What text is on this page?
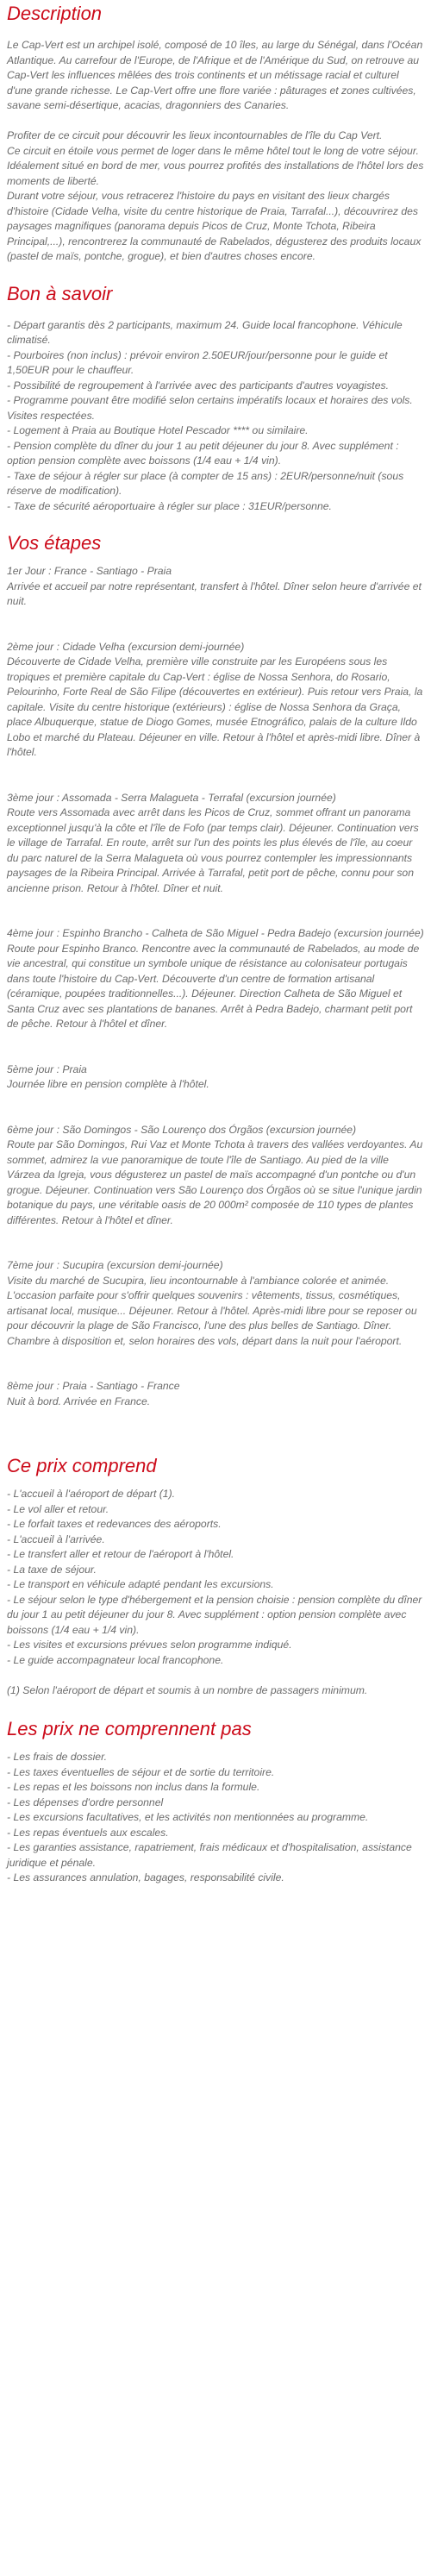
Description

Le Cap-Vert est un archipel isolé, composé de 10 îles, au large du Sénégal, dans l'Océan Atlantique. Au carrefour de l'Europe, de l'Afrique et de l'Amérique du Sud, on retrouve au Cap-Vert les influences mêlées des trois continents et un métissage racial et culturel d'une grande richesse. Le Cap-Vert offre une flore variée : pâturages et zones cultivées, savane semi-désertique, acacias, dragonniers des Canaries.

Profiter de ce circuit pour découvrir les lieux incontournables de l'île du Cap Vert.

Ce circuit en étoile vous permet de loger dans le même hôtel tout le long de votre séjour. Idéalement situé en bord de mer, vous pourrez profités des installations de l'hôtel lors des moments de liberté.

Durant votre séjour, vous retracerez l'histoire du pays en visitant des lieux chargés d'histoire (Cidade Velha, visite du centre historique de Praia, Tarrafal...), découvrirez des paysages magnifiques (panorama depuis Picos de Cruz, Monte Tchota, Ribeira Principal,...), rencontrerez la communauté de Rabelados, dégusterez des produits locaux (pastel de maïs, pontche, grogue), et bien d'autres choses encore.

Bon à savoir

- Départ garantis dès 2 participants, maximum 24. Guide local francophone. Véhicule climatisé.

- Pourboires (non inclus) : prévoir environ 2.50EUR/jour/personne pour le guide et 1,50EUR pour le chauffeur.

- Possibilité de regroupement à l'arrivée avec des participants d'autres voyagistes.

- Programme pouvant être modifié selon certains impératifs locaux et horaires des vols. Visites respectées.

- Logement à Praia au Boutique Hotel Pescador **** ou similaire.

- Pension complète du dîner du jour 1 au petit déjeuner du jour 8. Avec supplément : option pension complète avec boissons (1/4 eau + 1/4 vin).

- Taxe de séjour à régler sur place (à compter de 15 ans) : 2EUR/personne/nuit (sous réserve de modification).

- Taxe de sécurité aéroportuaire à régler sur place : 31EUR/personne.

Vos étapes

1er Jour : France - Santiago - Praia

Arrivée et accueil par notre représentant, transfert à l'hôtel. Dîner selon heure d'arrivée et nuit.

2ème jour : Cidade Velha (excursion demi-journée)

Découverte de Cidade Velha, première ville construite par les Européens sous les tropiques et première capitale du Cap-Vert : église de Nossa Senhora, do Rosario, Pelourinho, Forte Real de São Filipe (découvertes en extérieur). Puis retour vers Praia, la capitale. Visite du centre historique (extérieurs) : église de Nossa Senhora da Graça, place Albuquerque, statue de Diogo Gomes, musée Etnográfico, palais de la culture Ildo Lobo et marché du Plateau. Déjeuner en ville. Retour à l'hôtel et après-midi libre. Dîner à l'hôtel.

3ème jour : Assomada - Serra Malagueta - Terrafal (excursion journée)

Route vers Assomada avec arrêt dans les Picos de Cruz, sommet offrant un panorama exceptionnel jusqu'à la côte et l'île de Fofo (par temps clair). Déjeuner. Continuation vers le village de Tarrafal. En route, arrêt sur l'un des points les plus élevés de l'île, au coeur du parc naturel de la Serra Malagueta où vous pourrez contempler les impressionnants paysages de la Ribeira Principal. Arrivée à Tarrafal, petit port de pêche, connu pour son ancienne prison. Retour à l'hôtel. Dîner et nuit.

4ème jour : Espinho Brancho - Calheta de São Miguel - Pedra Badejo (excursion journée)

Route pour Espinho Branco. Rencontre avec la communauté de Rabelados, au mode de vie ancestral, qui constitue un symbole unique de résistance au colonisateur portugais dans toute l'histoire du Cap-Vert. Découverte d'un centre de formation artisanal (céramique, poupées traditionnelles...). Déjeuner. Direction Calheta de São Miguel et Santa Cruz avec ses plantations de bananes. Arrêt à Pedra Badejo, charmant petit port de pêche. Retour à l'hôtel et dîner.

5ème jour : Praia

Journée libre en pension complète à l'hôtel.

6ème jour : São Domingos - São Lourenço dos Órgãos (excursion journée)

Route par São Domingos, Rui Vaz et Monte Tchota à travers des vallées verdoyantes. Au sommet, admirez la vue panoramique de toute l'île de Santiago. Au pied de la ville Várzea da Igreja, vous dégusterez un pastel de maïs accompagné d'un pontche ou d'un grogue. Déjeuner. Continuation vers São Lourenço dos Órgãos où se situe l'unique jardin botanique du pays, une véritable oasis de 20 000m² composée de 110 types de plantes différentes. Retour à l'hôtel et dîner.

7ème jour : Sucupira (excursion demi-journée)

Visite du marché de Sucupira, lieu incontournable à l'ambiance colorée et animée. L'occasion parfaite pour s'offrir quelques souvenirs : vêtements, tissus, cosmétiques, artisanat local, musique... Déjeuner. Retour à l'hôtel. Après-midi libre pour se reposer ou pour découvrir la plage de São Francisco, l'une des plus belles de Santiago. Dîner. Chambre à disposition et, selon horaires des vols, départ dans la nuit pour l'aéroport.

8ème jour : Praia - Santiago - France

Nuit à bord. Arrivée en France.

Ce prix comprend

- L'accueil à l'aéroport de départ (1).

- Le vol aller et retour.

- Le forfait taxes et redevances des aéroports.

- L'accueil à l'arrivée.

- Le transfert aller et retour de l'aéroport à l'hôtel.

- La taxe de séjour.

- Le transport en véhicule adapté pendant les excursions.

- Le séjour selon le type d'hébergement et la pension choisie : pension complète du dîner du jour 1 au petit déjeuner du jour 8. Avec supplément : option pension complète avec boissons (1/4 eau + 1/4 vin).

- Les visites et excursions prévues selon programme indiqué.

- Le guide accompagnateur local francophone.

(1) Selon l'aéroport de départ et soumis à un nombre de passagers minimum.

Les prix ne comprennent pas

- Les frais de dossier.

- Les taxes éventuelles de séjour et de sortie du territoire.

- Les repas et les boissons non inclus dans la formule.

- Les dépenses d'ordre personnel

- Les excursions facultatives, et les activités non mentionnées au programme.

- Les repas éventuels aux escales.

- Les garanties assistance, rapatriement, frais médicaux et d'hospitalisation, assistance juridique et pénale.

- Les assurances annulation, bagages, responsabilité civile.
